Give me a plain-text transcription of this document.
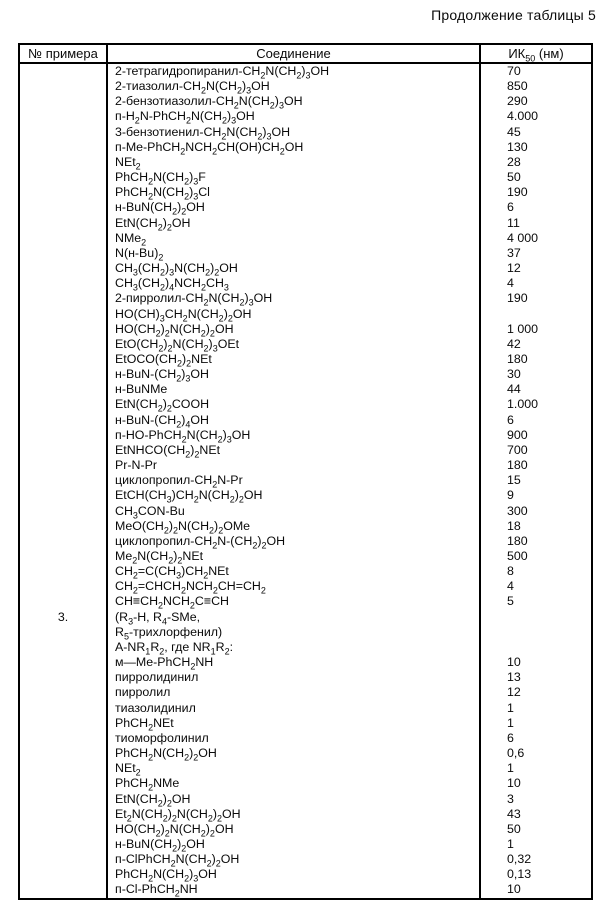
Продолжение таблицы 5
№ примера	Соединение	$ИК_{50}$ (нм)
	$2-тетрагидропиранил-CH_2N(CH_2)_3OH$	70
	$2-тиазолил-CH_2N(CH_2)_3OH$	850
	$2-бензотиазолил-CH_2N(CH_2)_3OH$	290
	$п-H_2N-PhCH_2N(CH_2)_3OH$	4.000
	$3-бензотиенил-CH_2N(CH_2)_3OH$	45
	$п-Me-PhCH_2NCH_2CH(OH)CH_2OH$	130
	NEt$_2$	28
	$PhCH_2N(CH_2)_3F$	50
	$PhCH_2N(CH_2)_3Cl$	190
	$н-BuN(CH_2)_2OH$	6
	$EtN(CH_2)_2OH$	11
	NMe$_2$	4 000
	$N(н-Bu)_2$	37
	$CH_3(CH_2)_3N(CH_2)_2OH$	12
	$CH_3(CH_2)_4NCH_2CH_3$	4
	$2-пирролил-CH_2N(CH_2)_3OH$	190
	$HO(CH)_3CH_2N(CH_2)_2OH$	
	$HO(CH_2)_2N(CH_2)_2OH$	1 000
	$EtO(CH_2)_2N(CH_2)_3OEt$	42
	$EtOCO(CH_2)_2NEt$	180
	$н-BuN-(CH_2)_3OH$	30
	н-BuNMe	44
	$EtN(CH_2)_2COOH$	1.000
	$н-BuN-(CH_2)_4OH$	6
	$п-HO-PhCH_2N(CH_2)_3OH$	900
	$EtNHCO(CH_2)_2NEt$	700
	Pr-N-Pr	180
	циклопропил-$CH_2N-Pr$	15
	$EtCH(CH_3)CH_2N(CH_2)_2OH$	9
	$CH_3CON-Bu$	300
	$MeO(CH_2)_2N(CH_2)_2OMe$	18
	циклопропил-$CH_2N-(CH_2)_2OH$	180
	$Me_2N(CH_2)_2NEt$	500
	$CH_2=C(CH_3)CH_2NEt$	8
	$CH_2=CHCH_2NCH_2CH=CH_2$	4
	$CH\equiv CH_2NCH_2C\equiv CH$	5
3.	($R_3-H$, $R_4$-SMe,	
	$R_5-трихлорфенил$)	
	$A-NR_1R_2$, где $NR_1R_2$:	
	м—Me-PhCH$_2$NH	10
	пирролидинил	13
	пирролил	12
	тиазолидинил	1
	PhCH$_2$NEt	1
	тиоморфолинил	6
	$PhCH_2N(CH_2)_2OH$	0,6
	NEt$_2$	1
	PhCH$_2$NMe	10
	$EtN(CH_2)_2OH$	3
	$Et_2N(CH_2)_2N(CH_2)_2OH$	43
	$HO(CH_2)_2N(CH_2)_2OH$	50
	$н-BuN(CH_2)_2OH$	1
	$п-ClPhCH_2N(CH_2)_2OH$	0,32
	$PhCH_2N(CH_2)_3OH$	0,13
	п-Cl-PhCH$_2$NH	10
